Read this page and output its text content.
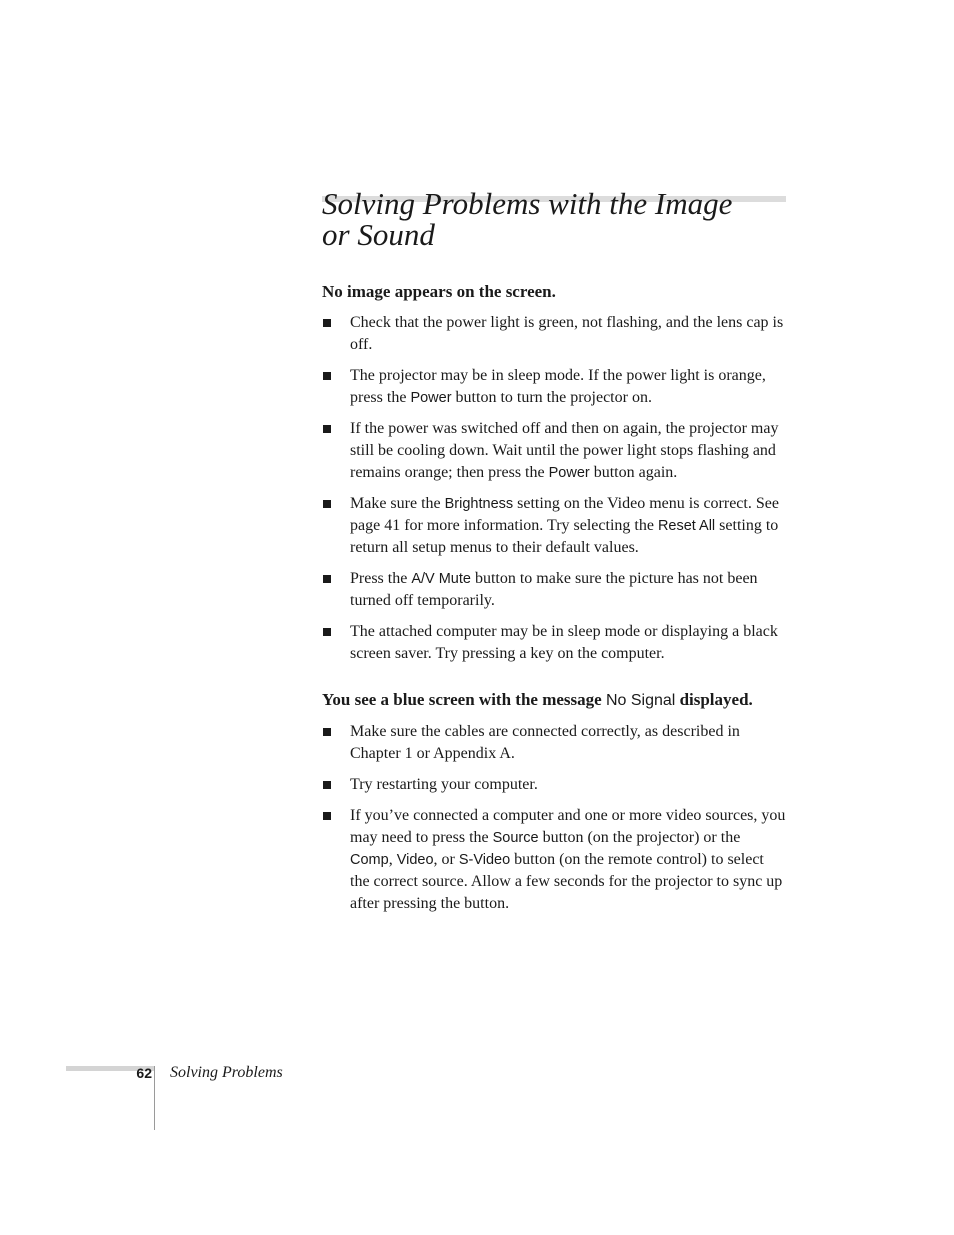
Solving Problems with the Image or Sound

No image appears on the screen.

Check that the power light is green, not flashing, and the lens cap is off.
The projector may be in sleep mode. If the power light is orange, press the Power button to turn the projector on.
If the power was switched off and then on again, the projector may still be cooling down. Wait until the power light stops flashing and remains orange; then press the Power button again.
Make sure the Brightness setting on the Video menu is correct. See page 41 for more information. Try selecting the Reset All setting to return all setup menus to their default values.
Press the A/V Mute button to make sure the picture has not been turned off temporarily.
The attached computer may be in sleep mode or displaying a black screen saver. Try pressing a key on the computer.

You see a blue screen with the message No Signal displayed.

Make sure the cables are connected correctly, as described in Chapter 1 or Appendix A.
Try restarting your computer.
If you’ve connected a computer and one or more video sources, you may need to press the Source button (on the projector) or the Comp, Video, or S-Video button (on the remote control) to select the correct source. Allow a few seconds for the projector to sync up after pressing the button.
62 Solving Problems
